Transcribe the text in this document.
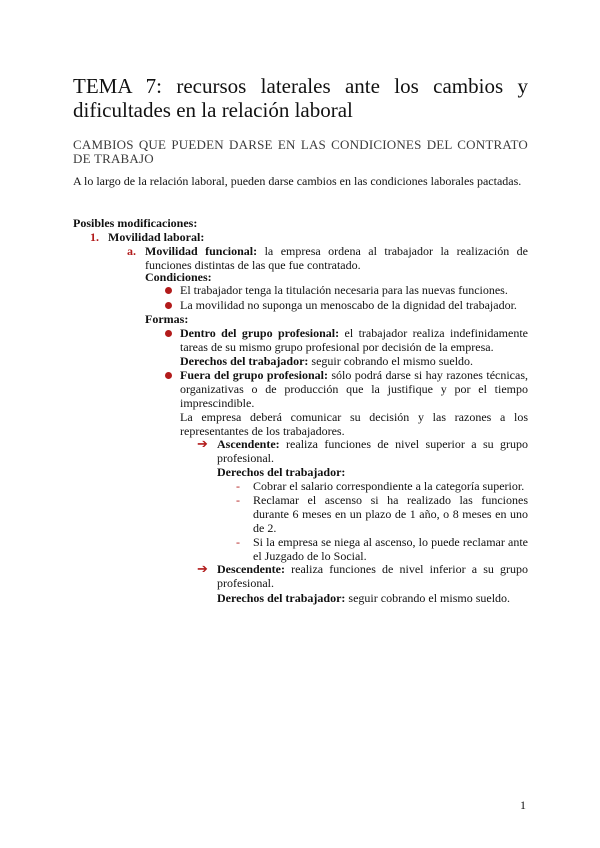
TEMA 7: recursos laterales ante los cambios y dificultades en la relación laboral
CAMBIOS QUE PUEDEN DARSE EN LAS CONDICIONES DEL CONTRATO DE TRABAJO
A lo largo de la relación laboral, pueden darse cambios en las condiciones laborales pactadas.
Posibles modificaciones:
1. Movilidad laboral:
a. Movilidad funcional: la empresa ordena al trabajador la realización de funciones distintas de las que fue contratado.
Condiciones:
El trabajador tenga la titulación necesaria para las nuevas funciones.
La movilidad no suponga un menoscabo de la dignidad del trabajador.
Formas:
Dentro del grupo profesional: el trabajador realiza indefinidamente tareas de su mismo grupo profesional por decisión de la empresa.
Derechos del trabajador: seguir cobrando el mismo sueldo.
Fuera del grupo profesional: sólo podrá darse si hay razones técnicas, organizativas o de producción que la justifique y por el tiempo imprescindible.
La empresa deberá comunicar su decisión y las razones a los representantes de los trabajadores.
➔ Ascendente: realiza funciones de nivel superior a su grupo profesional.
Derechos del trabajador:
- Cobrar el salario correspondiente a la categoría superior.
- Reclamar el ascenso si ha realizado las funciones durante 6 meses en un plazo de 1 año, o 8 meses en uno de 2.
- Si la empresa se niega al ascenso, lo puede reclamar ante el Juzgado de lo Social.
➔ Descendente: realiza funciones de nivel inferior a su grupo profesional.
Derechos del trabajador: seguir cobrando el mismo sueldo.
1
